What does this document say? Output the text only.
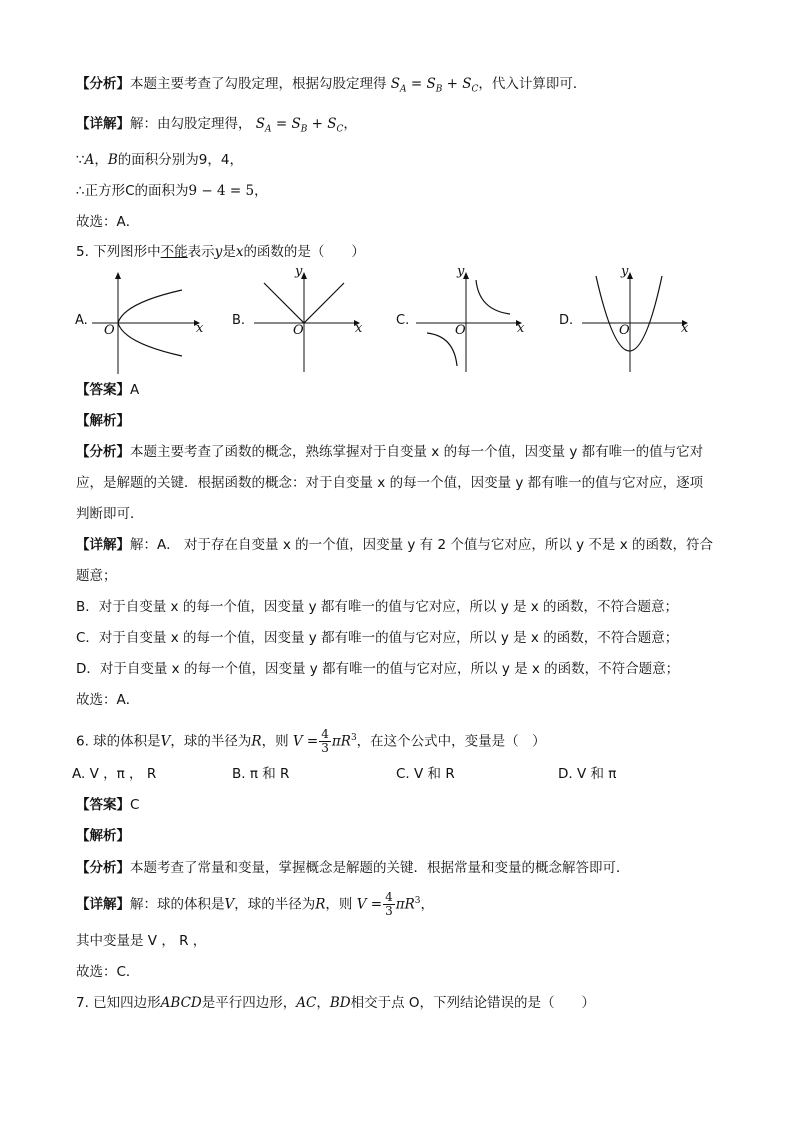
【分析】本题主要考查了勾股定理，根据勾股定理得 $S_A = S_B + S_C$，代入计算即可．
【详解】解：由勾股定理得， $S_A = S_B + S_C$，
∵A，B的面积分别为9，4，
∴正方形C的面积为9 − 4 = 5，
故选：A．
5. 下列图形中不能表示y是x的函数的是（　　）
A.
O	x
B.
O	x
y
C.
O	x
y
D.
O	x
y
【答案】A
【解析】
【分析】本题主要考查了函数的概念，熟练掌握对于自变量 x 的每一个值，因变量 y 都有唯一的值与它对
应，是解题的关键．根据函数的概念：对于自变量 x 的每一个值，因变量 y 都有唯一的值与它对应，逐项
判断即可．
【详解】解：A． 对于存在自变量 x 的一个值，因变量 y 有 2 个值与它对应，所以 y 不是 x 的函数，符合
题意；
B．对于自变量 x 的每一个值，因变量 y 都有唯一的值与它对应，所以 y 是 x 的函数，不符合题意；
C．对于自变量 x 的每一个值，因变量 y 都有唯一的值与它对应，所以 y 是 x 的函数，不符合题意；
D．对于自变量 x 的每一个值，因变量 y 都有唯一的值与它对应，所以 y 是 x 的函数，不符合题意；
故选：A．
6. 球的体积是V，球的半径为R，则 $V = \frac{4}{3} \pi R^3$，在这个公式中，变量是（　）
A. V ，π ， R	B. π 和 R	C. V 和 R	D. V 和 π
【答案】C
【解析】
【分析】本题考查了常量和变量，掌握概念是解题的关键．根据常量和变量的概念解答即可．
【详解】解：球的体积是V，球的半径为R，则 $V = \frac{4}{3} \pi R^3$，
其中变量是 V ， R ，
故选：C．
7. 已知四边形ABCD是平行四边形，AC，BD相交于点 O，下列结论错误的是（　　）
